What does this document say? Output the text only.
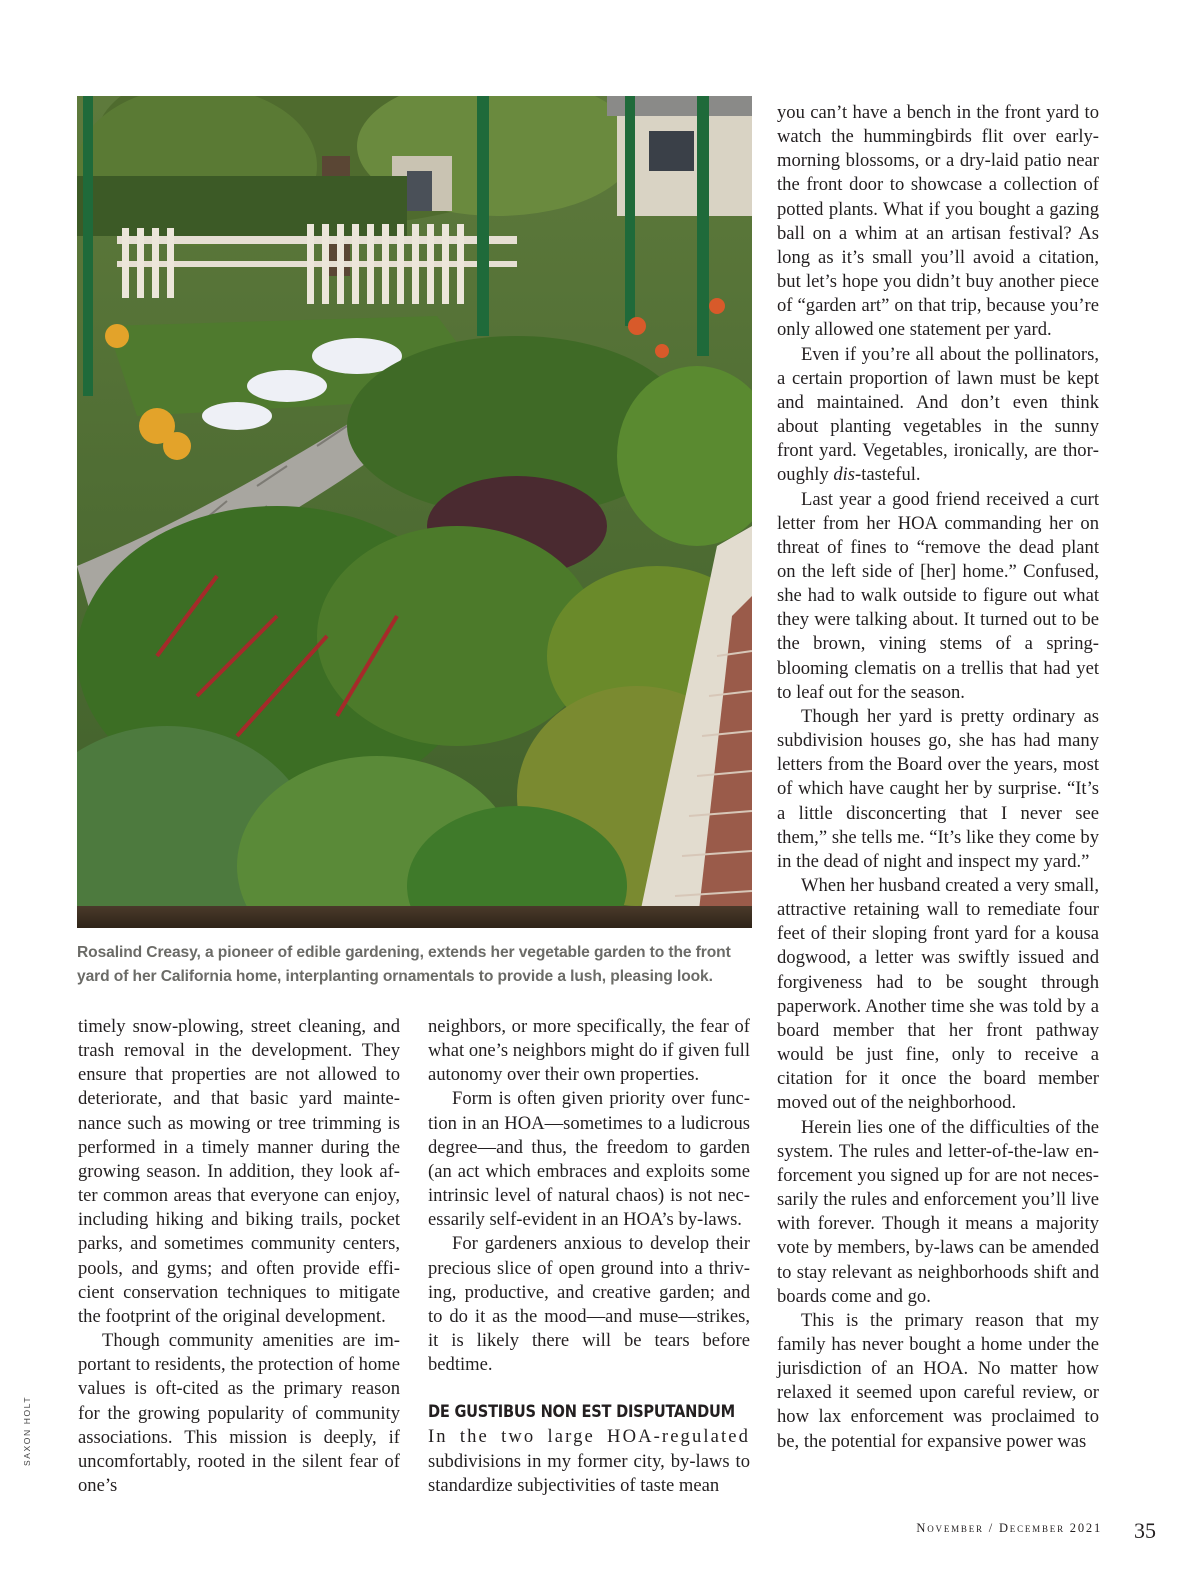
Rosalind Creasy, a pioneer of edible gardening, extends her vegetable garden to the front yard of her California home, interplanting ornamentals to provide a lush, pleasing look.
SAXON HOLT

timely snow-plowing, street cleaning, and trash removal in the development. They ensure that properties are not allowed to deteriorate, and that basic yard maintenance such as mowing or tree trimming is performed in a timely manner during the growing season. In addition, they look after common areas that everyone can enjoy, including hiking and biking trails, pocket parks, and sometimes community centers, pools, and gyms; and often provide efficient conservation techniques to mitigate the footprint of the original development.

Though community amenities are important to residents, the protection of home values is oft-cited as the primary reason for the growing popularity of community associations. This mission is deeply, if uncomfortably, rooted in the silent fear of one’s

neighbors, or more specifically, the fear of what one’s neighbors might do if given full autonomy over their own properties.

Form is often given priority over function in an HOA—sometimes to a ludicrous degree—and thus, the freedom to garden (an act which embraces and exploits some intrinsic level of natural chaos) is not necessarily self-evident in an HOA’s by-laws.

For gardeners anxious to develop their precious slice of open ground into a thriving, productive, and creative garden; and to do it as the mood—and muse—strikes, it is likely there will be tears before bedtime.

DE GUSTIBUS NON EST DISPUTANDUM

In the two large HOA-regulated subdivisions in my former city, by-laws to standardize subjectivities of taste mean

you can’t have a bench in the front yard to watch the hummingbirds flit over early-morning blossoms, or a dry-laid patio near the front door to showcase a collection of potted plants. What if you bought a gazing ball on a whim at an artisan festival? As long as it’s small you’ll avoid a citation, but let’s hope you didn’t buy another piece of “garden art” on that trip, because you’re only allowed one statement per yard.

Even if you’re all about the pollinators, a certain proportion of lawn must be kept and maintained. And don’t even think about planting vegetables in the sunny front yard. Vegetables, ironically, are thoroughly dis-tasteful.

Last year a good friend received a curt letter from her HOA commanding her on threat of fines to “remove the dead plant on the left side of [her] home.” Confused, she had to walk outside to figure out what they were talking about. It turned out to be the brown, vining stems of a spring-blooming clematis on a trellis that had yet to leaf out for the season.

Though her yard is pretty ordinary as subdivision houses go, she has had many letters from the Board over the years, most of which have caught her by surprise. “It’s a little disconcerting that I never see them,” she tells me. “It’s like they come by in the dead of night and inspect my yard.”

When her husband created a very small, attractive retaining wall to remediate four feet of their sloping front yard for a kousa dogwood, a letter was swiftly issued and forgiveness had to be sought through paperwork. Another time she was told by a board member that her front pathway would be just fine, only to receive a citation for it once the board member moved out of the neighborhood.

Herein lies one of the difficulties of the system. The rules and letter-of-the-law enforcement you signed up for are not necessarily the rules and enforcement you’ll live with forever. Though it means a majority vote by members, by-laws can be amended to stay relevant as neighborhoods shift and boards come and go.

This is the primary reason that my family has never bought a home under the jurisdiction of an HOA. No matter how relaxed it seemed upon careful review, or how lax enforcement was proclaimed to be, the potential for expansive power was

November / December 2021 35
